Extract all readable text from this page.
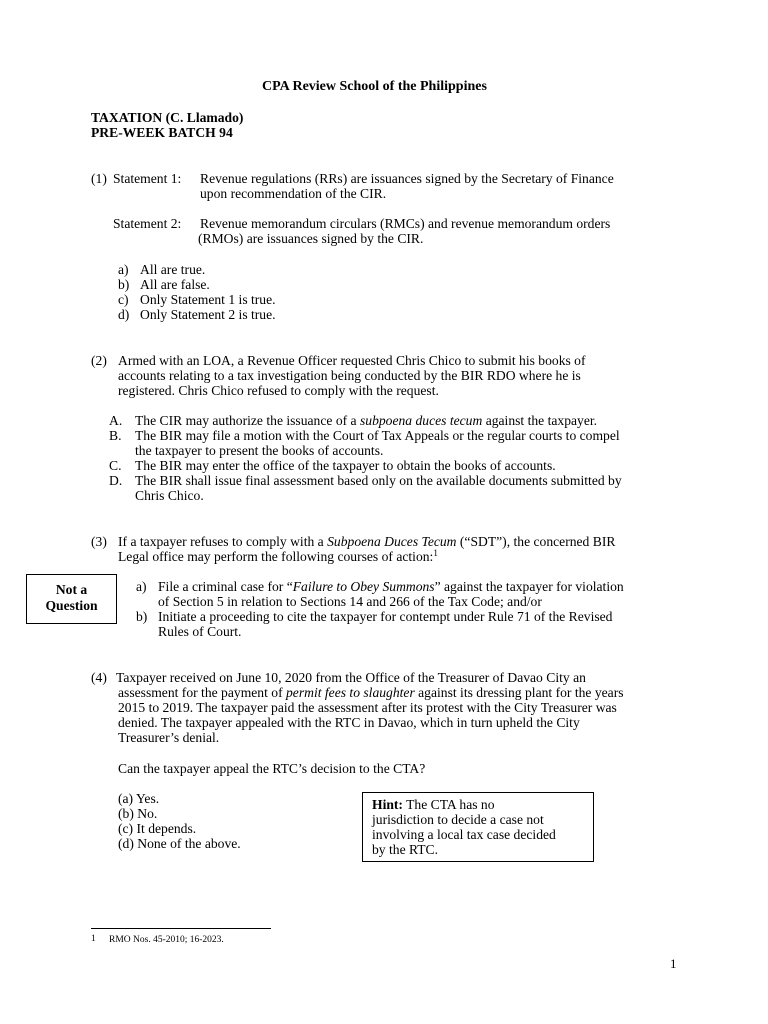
CPA Review School of the Philippines
TAXATION (C. Llamado)
PRE-WEEK BATCH 94
(1) Statement 1: Revenue regulations (RRs) are issuances signed by the Secretary of Finance
upon recommendation of the CIR.
Statement 2: Revenue memorandum circulars (RMCs) and revenue memorandum orders
(RMOs) are issuances signed by the CIR.
a) All are true.
b) All are false.
c) Only Statement 1 is true.
d) Only Statement 2 is true.
(2) Armed with an LOA, a Revenue Officer requested Chris Chico to submit his books of
accounts relating to a tax investigation being conducted by the BIR RDO where he is
registered. Chris Chico refused to comply with the request.
A. The CIR may authorize the issuance of a subpoena duces tecum against the taxpayer.
B. The BIR may file a motion with the Court of Tax Appeals or the regular courts to compel
the taxpayer to present the books of accounts.
C. The BIR may enter the office of the taxpayer to obtain the books of accounts.
D. The BIR shall issue final assessment based only on the available documents submitted by
Chris Chico.
(3) If a taxpayer refuses to comply with a Subpoena Duces Tecum (“SDT”), the concerned BIR
Legal office may perform the following courses of action:$^1$
Not a
Question
a) File a criminal case for “Failure to Obey Summons” against the taxpayer for violation
of Section 5 in relation to Sections 14 and 266 of the Tax Code; and/or
b) Initiate a proceeding to cite the taxpayer for contempt under Rule 71 of the Revised
Rules of Court.
(4) Taxpayer received on June 10, 2020 from the Office of the Treasurer of Davao City an
assessment for the payment of permit fees to slaughter against its dressing plant for the years
2015 to 2019. The taxpayer paid the assessment after its protest with the City Treasurer was
denied. The taxpayer appealed with the RTC in Davao, which in turn upheld the City
Treasurer’s denial.
Can the taxpayer appeal the RTC’s decision to the CTA?
(a) Yes.
(b) No.
(c) It depends.
(d) None of the above.
Hint: The CTA has no
jurisdiction to decide a case not
involving a local tax case decided
by the RTC.
1 RMO Nos. 45-2010; 16-2023.
1
